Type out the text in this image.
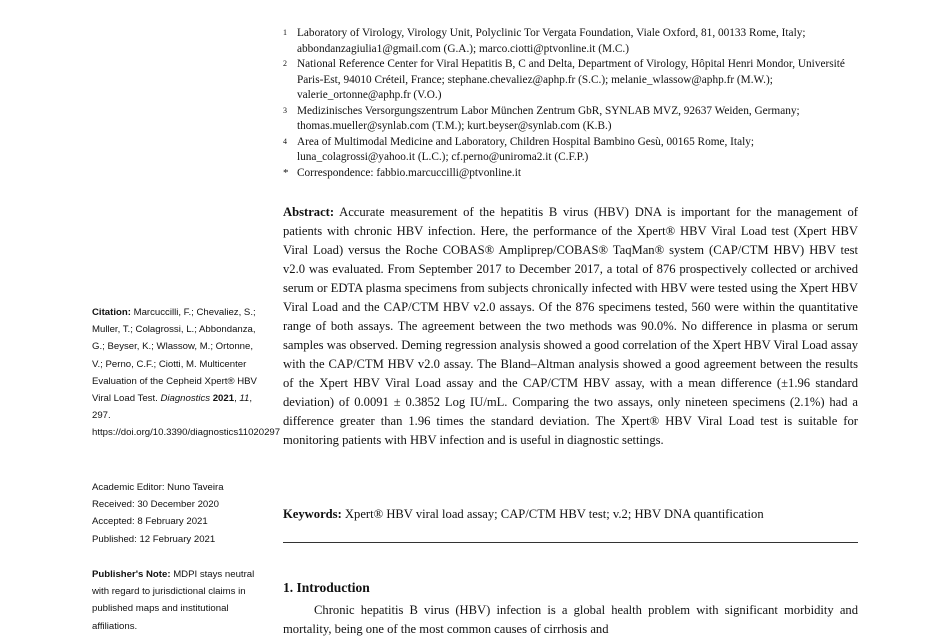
1 Laboratory of Virology, Virology Unit, Polyclinic Tor Vergata Foundation, Viale Oxford, 81, 00133 Rome, Italy; abbondanzagiulia1@gmail.com (G.A.); marco.ciotti@ptvonline.it (M.C.)
2 National Reference Center for Viral Hepatitis B, C and Delta, Department of Virology, Hôpital Henri Mondor, Université Paris-Est, 94010 Créteil, France; stephane.chevaliez@aphp.fr (S.C.); melanie_wlassow@aphp.fr (M.W.); valerie_ortonne@aphp.fr (V.O.)
3 Medizinisches Versorgungszentrum Labor München Zentrum GbR, SYNLAB MVZ, 92637 Weiden, Germany; thomas.mueller@synlab.com (T.M.); kurt.beyser@synlab.com (K.B.)
4 Area of Multimodal Medicine and Laboratory, Children Hospital Bambino Gesù, 00165 Rome, Italy; luna_colagrossi@yahoo.it (L.C.); cf.perno@uniroma2.it (C.F.P.)
* Correspondence: fabbio.marcuccilli@ptvonline.it

Abstract: Accurate measurement of the hepatitis B virus (HBV) DNA is important for the management of patients with chronic HBV infection. Here, the performance of the Xpert® HBV Viral Load test (Xpert HBV Viral Load) versus the Roche COBAS® Ampliprep/COBAS® TaqMan® system (CAP/CTM HBV) HBV test v2.0 was evaluated. From September 2017 to December 2017, a total of 876 prospectively collected or archived serum or EDTA plasma specimens from subjects chronically infected with HBV were tested using the Xpert HBV Viral Load and the CAP/CTM HBV v2.0 assays. Of the 876 specimens tested, 560 were within the quantitative range of both assays. The agreement between the two methods was 90.0%. No difference in plasma or serum samples was observed. Deming regression analysis showed a good correlation of the Xpert HBV Viral Load assay with the CAP/CTM HBV v2.0 assay. The Bland–Altman analysis showed a good agreement between the results of the Xpert HBV Viral Load assay and the CAP/CTM HBV assay, with a mean difference (±1.96 standard deviation) of 0.0091 ± 0.3852 Log IU/mL. Comparing the two assays, only nineteen specimens (2.1%) had a difference greater than 1.96 times the standard deviation. The Xpert® HBV Viral Load test is suitable for monitoring patients with HBV infection and is useful in diagnostic settings.

Keywords: Xpert® HBV viral load assay; CAP/CTM HBV test; v.2; HBV DNA quantification

1. Introduction

Chronic hepatitis B virus (HBV) infection is a global health problem with significant morbidity and mortality, being one of the most common causes of cirrhosis and

Citation: Marcuccilli, F.; Chevaliez, S.; Muller, T.; Colagrossi, L.; Abbondanza, G.; Beyser, K.; Wlassow, M.; Ortonne, V.; Perno, C.F.; Ciotti, M. Multicenter Evaluation of the Cepheid Xpert® HBV Viral Load Test. Diagnostics 2021, 11, 297. https://doi.org/10.3390/diagnostics11020297

Academic Editor: Nuno Taveira

Received: 30 December 2020

Accepted: 8 February 2021

Published: 12 February 2021

Publisher's Note: MDPI stays neutral with regard to jurisdictional claims in published maps and institutional affiliations.
